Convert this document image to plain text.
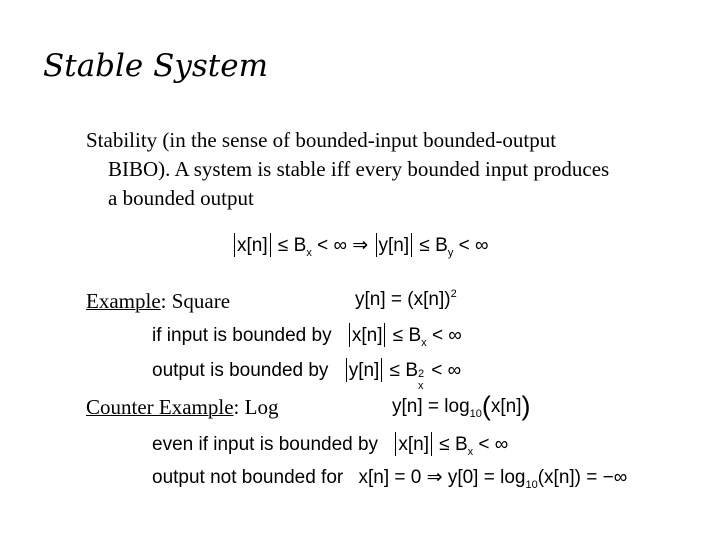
Stable System
Stability (in the sense of bounded-input bounded-output
BIBO). A system is stable iff every bounded input produces
a bounded output
$x[n] \le B_x$ < ∞ ⇒ $y[n] \le B_y$ < ∞
Example: Square	$y[n] = (x[n])^2$
if input is bounded by $x[n] \le B_x$ < ∞
output is bounded by y[n] ≤ B 2
x
< ∞
Counter Example: Log	$y[n] = \log_{10}(x[n])$
even if input is bounded by $x[n] \le B_x$ < ∞
output not bounded for x[n] = 0 ⇒ $y[0] = \log_{10}(x[n])$ = −∞
